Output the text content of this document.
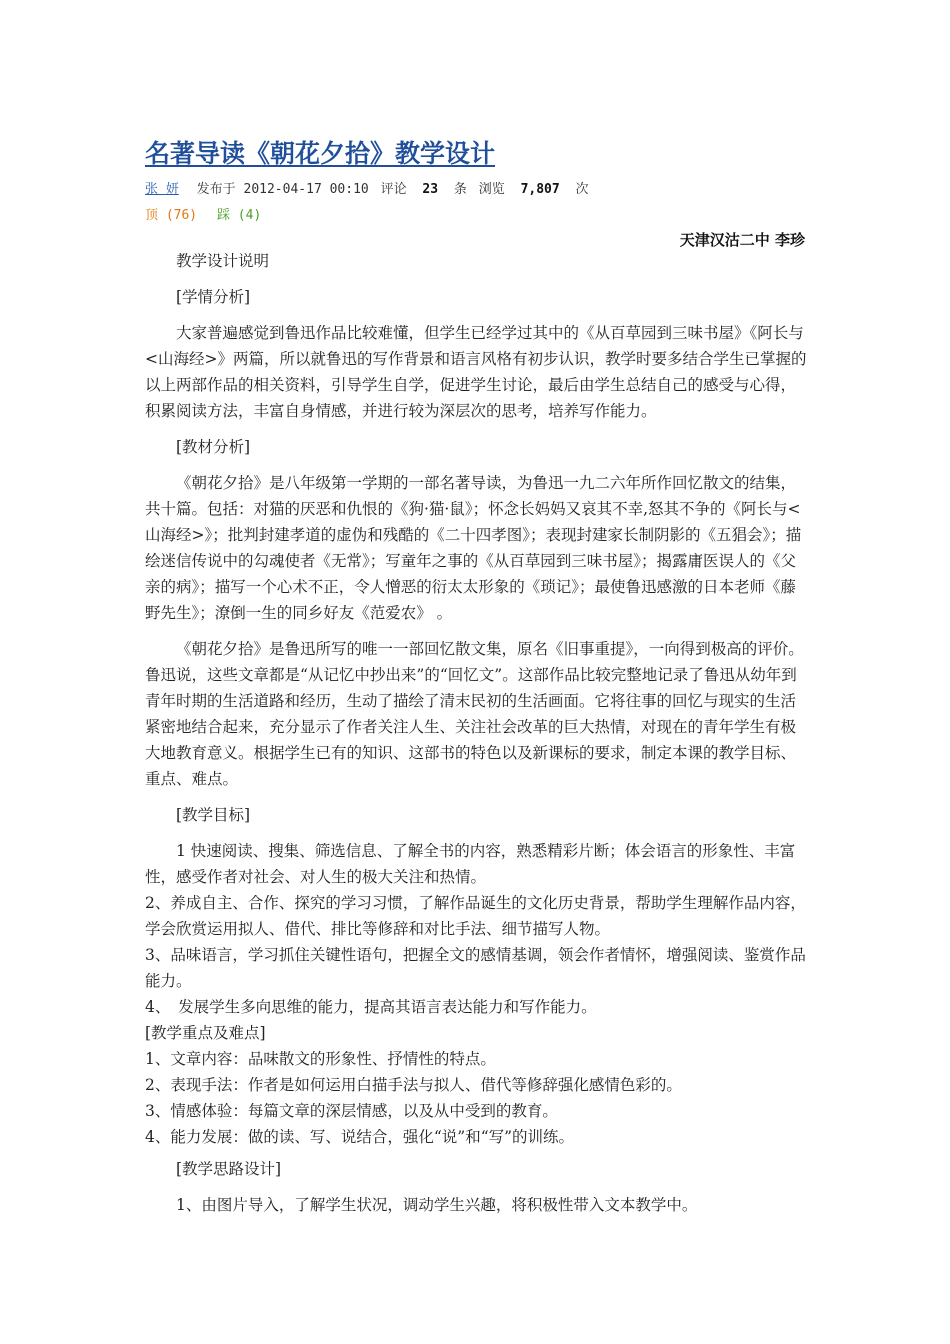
名著导读《朝花夕拾》教学设计
张 妍 发布于 2012-04-17 00:10 评论 23 条 浏览 7,807 次
顶 (76) 踩 (4)
天津汉沽二中 李珍

教学设计说明

[学情分析]

大家普遍感觉到鲁迅作品比较难懂，但学生已经学过其中的《从百草园到三味书屋》《阿长与<山海经>》两篇，所以就鲁迅的写作背景和语言风格有初步认识，教学时要多结合学生已掌握的以上两部作品的相关资料，引导学生自学，促进学生讨论，最后由学生总结自己的感受与心得，积累阅读方法，丰富自身情感，并进行较为深层次的思考，培养写作能力。

[教材分析]

《朝花夕拾》是八年级第一学期的一部名著导读，为鲁迅一九二六年所作回忆散文的结集，共十篇。包括：对猫的厌恶和仇恨的《狗·猫·鼠》；怀念长妈妈又哀其不幸,怒其不争的《阿长与<山海经>》；批判封建孝道的虚伪和残酷的《二十四孝图》；表现封建家长制阴影的《五猖会》；描绘迷信传说中的勾魂使者《无常》；写童年之事的《从百草园到三味书屋》；揭露庸医误人的《父亲的病》；描写一个心术不正，令人憎恶的衍太太形象的《琐记》；最使鲁迅感激的日本老师《藤野先生》；潦倒一生的同乡好友《范爱农》 。

《朝花夕拾》是鲁迅所写的唯一一部回忆散文集，原名《旧事重提》，一向得到极高的评价。鲁迅说，这些文章都是“从记忆中抄出来”的“回忆文”。这部作品比较完整地记录了鲁迅从幼年到青年时期的生活道路和经历，生动了描绘了清末民初的生活画面。它将往事的回忆与现实的生活紧密地结合起来，充分显示了作者关注人生、关注社会改革的巨大热情，对现在的青年学生有极大地教育意义。根据学生已有的知识、这部书的特色以及新课标的要求，制定本课的教学目标、重点、难点。

[教学目标]

1 快速阅读、搜集、筛选信息、了解全书的内容，熟悉精彩片断；体会语言的形象性、丰富性，感受作者对社会、对人生的极大关注和热情。

2、养成自主、合作、探究的学习习惯，了解作品诞生的文化历史背景，帮助学生理解作品内容，学会欣赏运用拟人、借代、排比等修辞和对比手法、细节描写人物。

3、品味语言，学习抓住关键性语句，把握全文的感情基调，领会作者情怀，增强阅读、鉴赏作品能力。

4、　发展学生多向思维的能力，提高其语言表达能力和写作能力。

[教学重点及难点]

1、文章内容：品味散文的形象性、抒情性的特点。

2、表现手法：作者是如何运用白描手法与拟人、借代等修辞强化感情色彩的。

3、情感体验：每篇文章的深层情感，以及从中受到的教育。

4、能力发展：做的读、写、说结合，强化“说”和“写”的训练。

[教学思路设计]

1、由图片导入，了解学生状况，调动学生兴趣，将积极性带入文本教学中。
